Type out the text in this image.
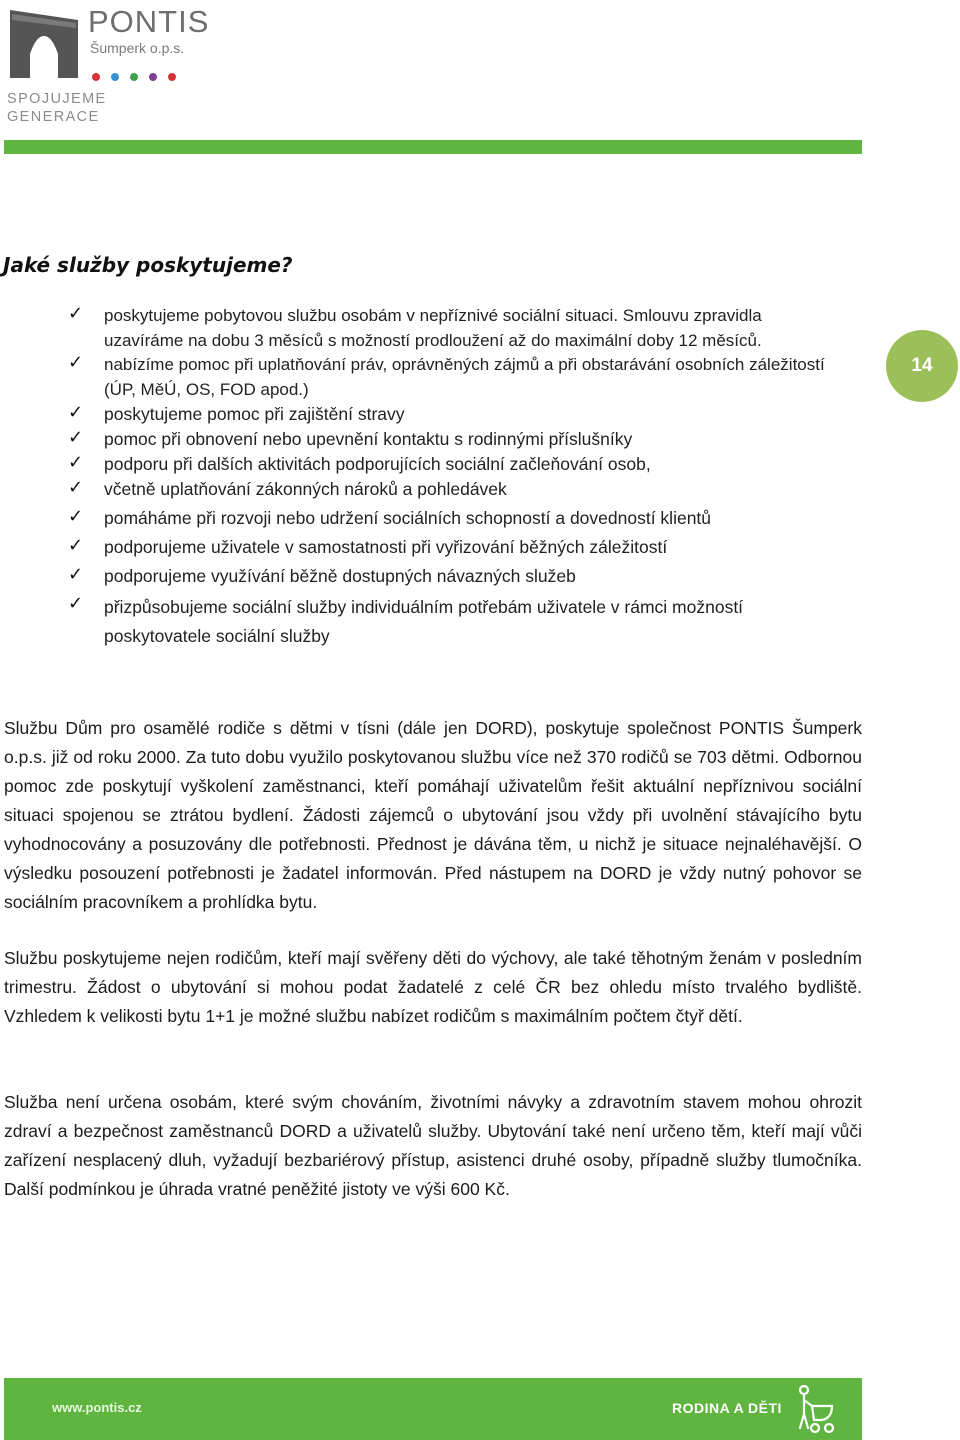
PONTIS
Šumperk o.p.s.
SPOJUJEME GENERACE
Jaké služby poskytujeme?
✓ poskytujeme pobytovou službu osobám v nepříznivé sociální situaci. Smlouvu zpravidla uzavíráme na dobu 3 měsíců s možností prodloužení až do maximální doby 12 měsíců.
✓ nabízíme pomoc při uplatňování práv, oprávněných zájmů a při obstarávání osobních záležitostí (ÚP, MěÚ, OS, FOD apod.)
✓ poskytujeme pomoc při zajištění stravy
✓ pomoc při obnovení nebo upevnění kontaktu s rodinnými příslušníky
✓ podporu při dalších aktivitách podporujících sociální začleňování osob,
✓ včetně uplatňování zákonných nároků a pohledávek
✓ pomáháme při rozvoji nebo udržení sociálních schopností a dovedností klientů
✓ podporujeme uživatele v samostatnosti při vyřizování běžných záležitostí
✓ podporujeme využívání běžně dostupných návazných služeb
✓ přizpůsobujeme sociální služby individuálním potřebám uživatele v rámci možností poskytovatele sociální služby
14

Službu Dům pro osamělé rodiče s dětmi v tísni (dále jen DORD), poskytuje společnost PONTIS Šumperk o.p.s. již od roku 2000. Za tuto dobu využilo poskytovanou službu více než 370 rodičů se 703 dětmi. Odbornou pomoc zde poskytují vyškolení zaměstnanci, kteří pomáhají uživatelům řešit aktuální nepříznivou sociální situaci spojenou se ztrátou bydlení. Žádosti zájemců o ubytování jsou vždy při uvolnění stávajícího bytu vyhodnocovány a posuzovány dle potřebnosti. Přednost je dávána těm, u nichž je situace nejnaléhavější. O výsledku posouzení potřebnosti je žadatel informován. Před nástupem na DORD je vždy nutný pohovor se sociálním pracovníkem a prohlídka bytu.

Službu poskytujeme nejen rodičům, kteří mají svěřeny děti do výchovy, ale také těhotným ženám v posledním trimestru. Žádost o ubytování si mohou podat žadatelé z celé ČR bez ohledu místo trvalého bydliště. Vzhledem k velikosti bytu 1+1 je možné službu nabízet rodičům s maximálním počtem čtyř dětí.

Služba není určena osobám, které svým chováním, životními návyky a zdravotním stavem mohou ohrozit zdraví a bezpečnost zaměstnanců DORD a uživatelů služby. Ubytování také není určeno těm, kteří mají vůči zařízení nesplacený dluh, vyžadují bezbariérový přístup, asistenci druhé osoby, případně služby tlumočníka. Další podmínkou je úhrada vratné peněžité jistoty ve výši 600 Kč.

www.pontis.cz	RODINA A DĚTI
